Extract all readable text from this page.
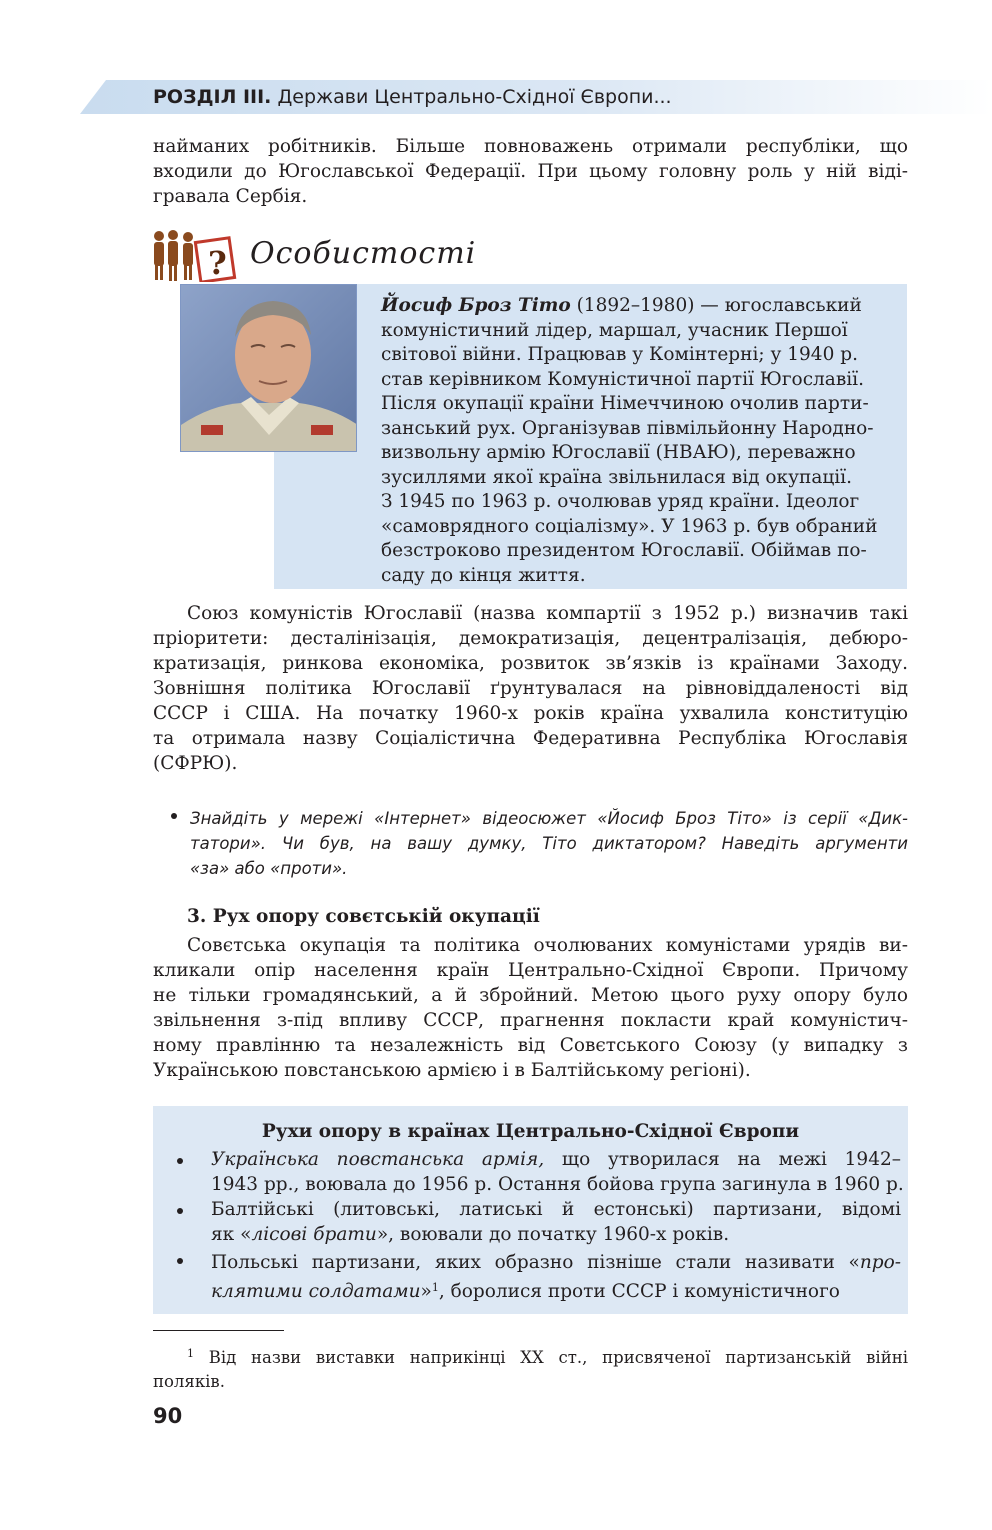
РОЗДІЛ ІІІ. Держави Центрально-Східної Європи...
найманих робітників. Більше повноважень отримали республіки, що
входили до Югославської Федерації. При цьому головну роль у ній віді-
гравала Сербія.
? Особистості
Йосиф Броз Тіто (1892–1980) — югославський
комуністичний лідер, маршал, учасник Першої
світової війни. Працював у Комінтерні; у 1940 р.
став керівником Комуністичної партії Югославії.
Після окупації країни Німеччиною очолив парти-
занський рух. Організував півмільйонну Народно-
визвольну армію Югославії (НВАЮ), переважно
зусиллями якої країна звільнилася від окупації.
З 1945 по 1963 р. очолював уряд країни. Ідеолог
«самоврядного соціалізму». У 1963 р. був обраний
безстроково президентом Югославії. Обіймав по-
саду до кінця життя.
Союз комуністів Югославії (назва компартії з 1952 р.) визначив такі
пріоритети: десталінізація, демократизація, децентралізація, дебюро-
кратизація, ринкова економіка, розвиток зв’язків із країнами Заходу.
Зовнішня політика Югославії ґрунтувалася на рівновіддаленості від
СССР і США. На початку 1960-х років країна ухвалила конституцію
та отримала назву Соціалістична Федеративна Республіка Югославія
(СФРЮ).
Знайдіть у мережі «Інтернет» відеосюжет «Йосиф Броз Тіто» із серії «Дик-
татори». Чи був, на вашу думку, Тіто диктатором? Наведіть аргументи
«за» або «проти».
3. Рух опору совєтській окупації
Совєтська окупація та політика очолюваних комуністами урядів ви-
кликали опір населення країн Центрально-Східної Європи. Причому
не тільки громадянський, а й збройний. Метою цього руху опору було
звільнення з-під впливу СССР, прагнення покласти край комуністич-
ному правлінню та незалежність від Совєтського Союзу (у випадку з
Українською повстанською армією і в Балтійському регіоні).
Рухи опору в країнах Центрально-Східної Європи
Українська повстанська армія, що утворилася на межі 1942–
1943 рр., воювала до 1956 р. Остання бойова група загинула в 1960 р.
Балтійські (литовські, латиські й естонські) партизани, відомі
як «лісові брати», воювали до початку 1960-х років.
Польські партизани, яких образно пізніше стали називати «про-
клятими солдатами»$^1$, боролися проти СССР і комуністичного
$^1$ Від назви виставки наприкінці XX ст., присвяченої партизанській війні
поляків.
90
